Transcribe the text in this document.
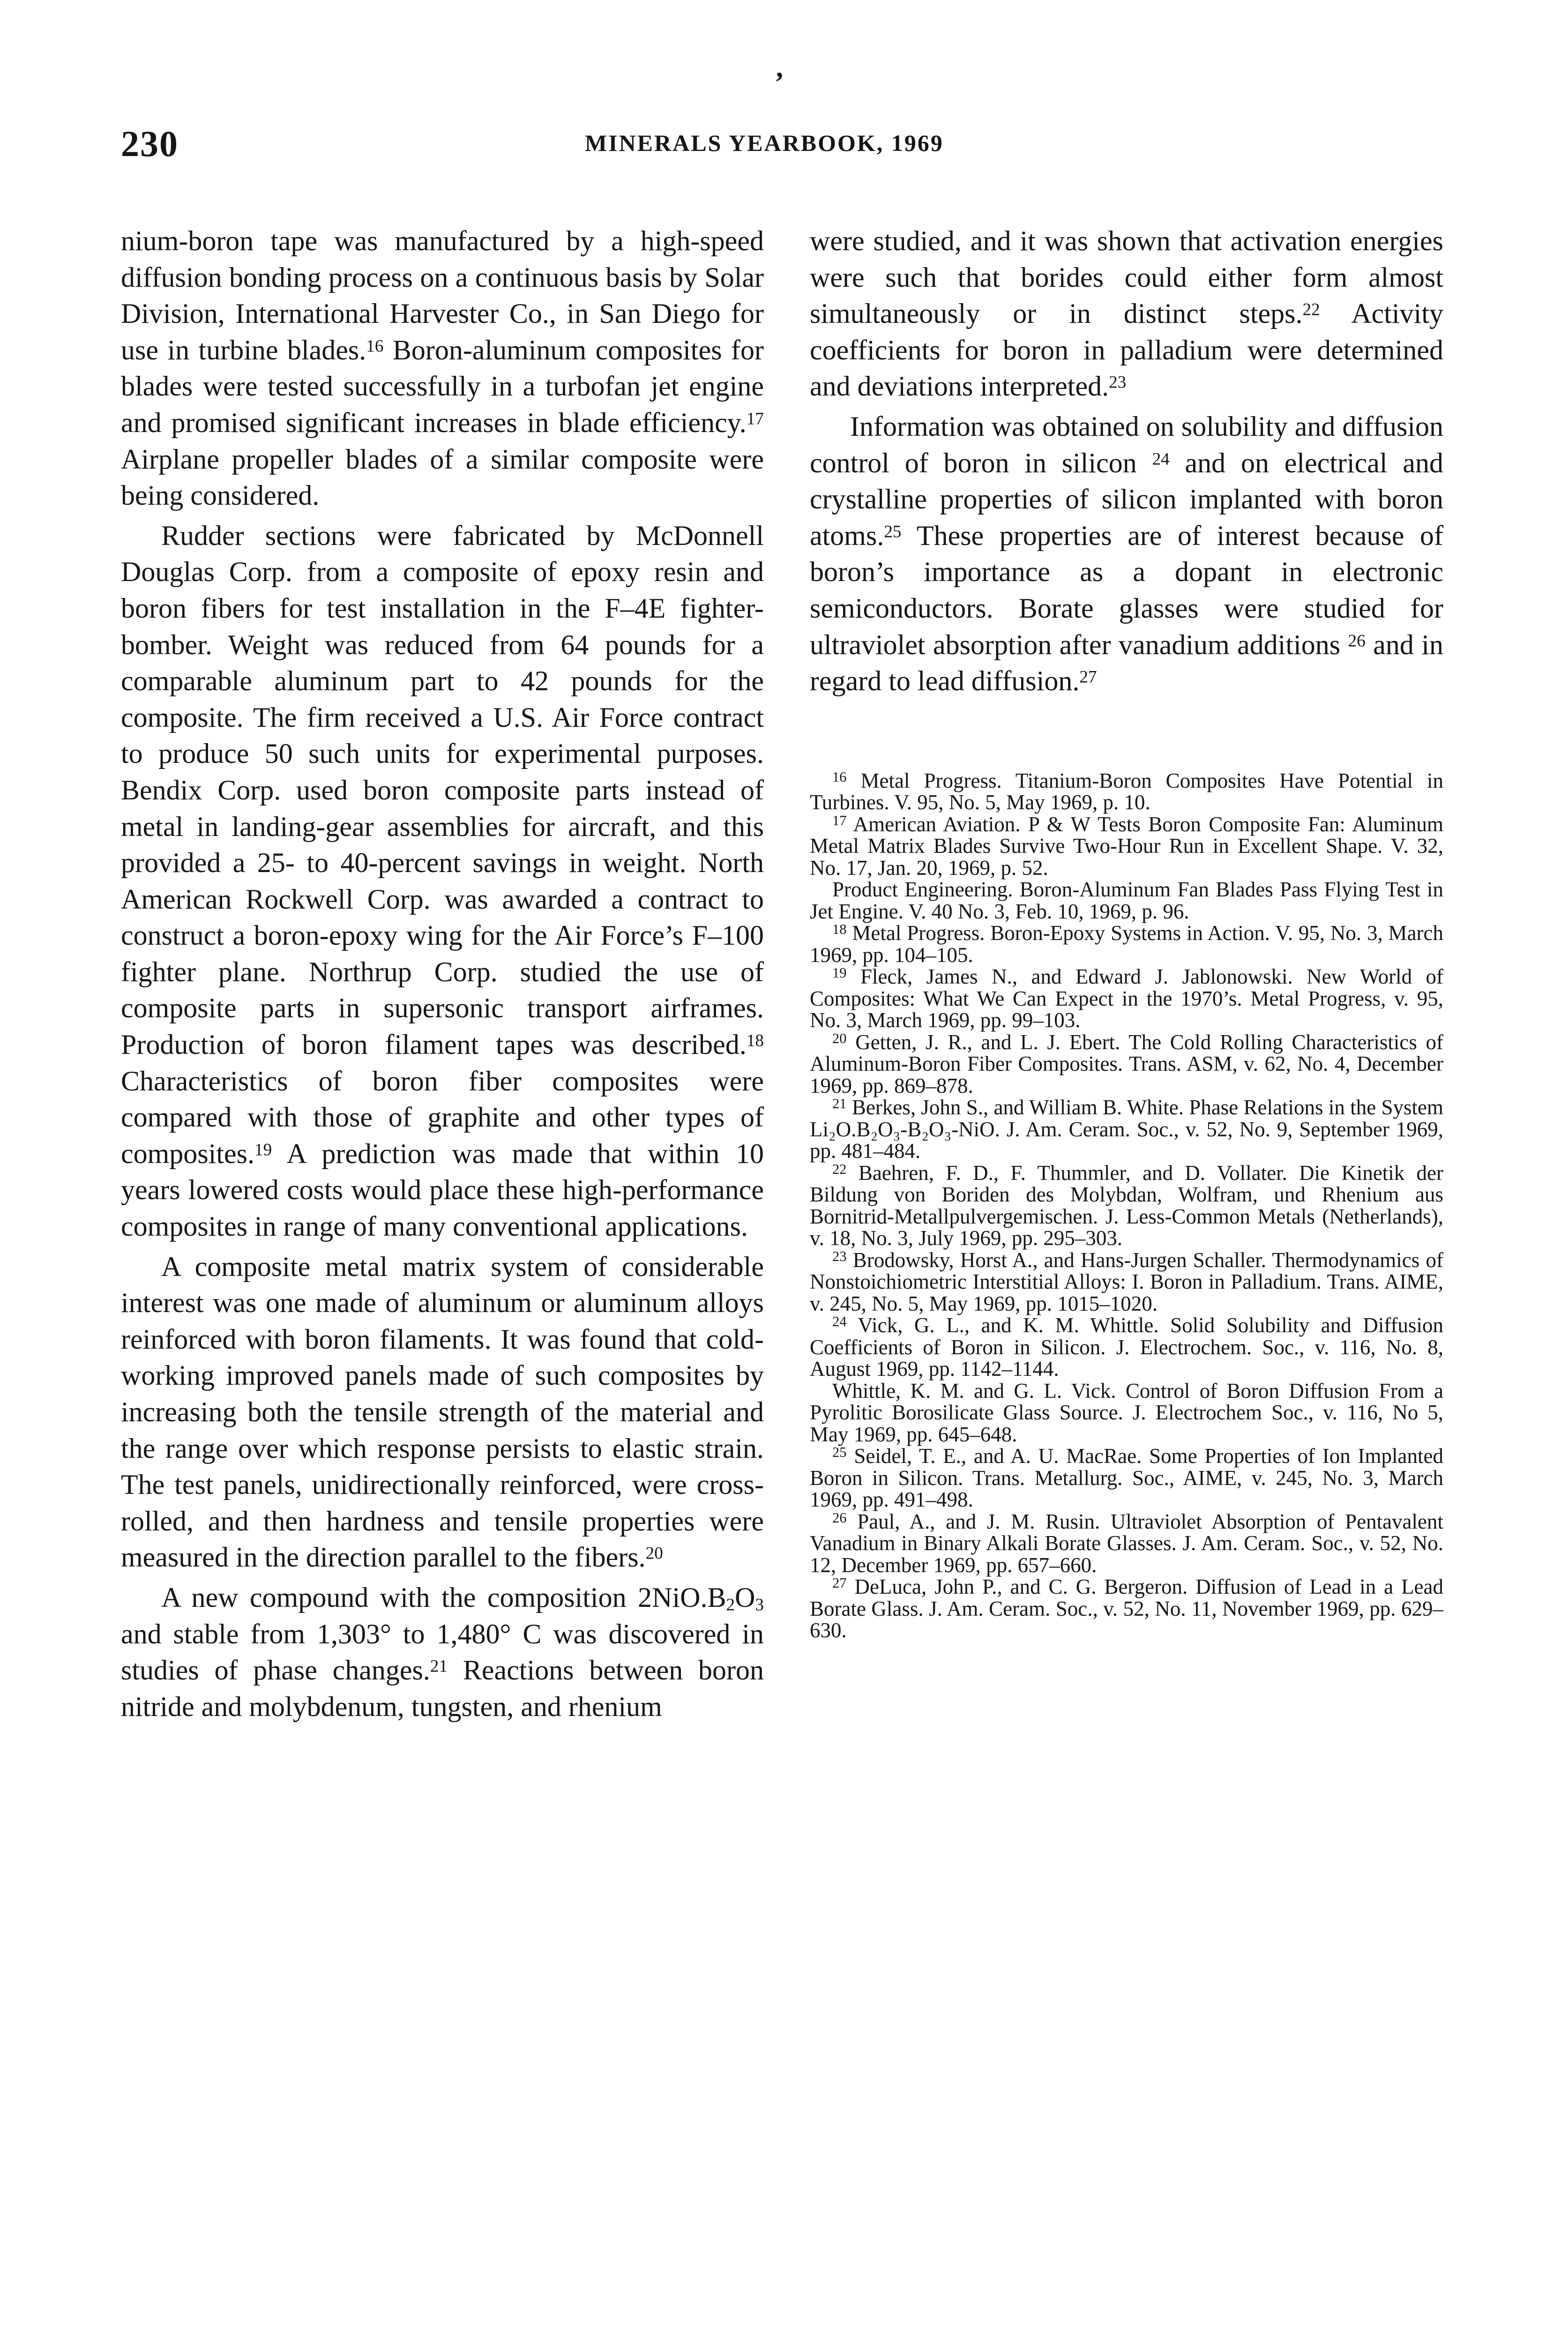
,
230	MINERALS YEARBOOK, 1969

nium-boron tape was manufactured by a high-speed diffusion bonding process on a continuous basis by Solar Division, International Harvester Co., in San Diego for use in turbine blades.$^{16}$ Boron-aluminum composites for blades were tested successfully in a turbofan jet engine and promised significant increases in blade efficiency.$^{17}$ Airplane propeller blades of a similar composite were being considered.

Rudder sections were fabricated by McDonnell Douglas Corp. from a composite of epoxy resin and boron fibers for test installation in the F–4E fighter-bomber. Weight was reduced from 64 pounds for a comparable aluminum part to 42 pounds for the composite. The firm received a U.S. Air Force contract to produce 50 such units for experimental purposes. Bendix Corp. used boron composite parts instead of metal in landing-gear assemblies for aircraft, and this provided a 25- to 40-percent savings in weight. North American Rockwell Corp. was awarded a contract to construct a boron-epoxy wing for the Air Force’s F–100 fighter plane. Northrup Corp. studied the use of composite parts in supersonic transport airframes. Production of boron filament tapes was described.$^{18}$ Characteristics of boron fiber composites were compared with those of graphite and other types of composites.$^{19}$ A prediction was made that within 10 years lowered costs would place these high-performance composites in range of many conventional applications.

A composite metal matrix system of considerable interest was one made of aluminum or aluminum alloys reinforced with boron filaments. It was found that cold-working improved panels made of such composites by increasing both the tensile strength of the material and the range over which response persists to elastic strain. The test panels, unidirectionally reinforced, were cross-rolled, and then hardness and tensile properties were measured in the direction parallel to the fibers.$^{20}$

A new compound with the composition $2NiO.B_2O_3$ and stable from 1,303° to 1,480° C was discovered in studies of phase changes.$^{21}$ Reactions between boron nitride and molybdenum, tungsten, and rhenium

were studied, and it was shown that activation energies were such that borides could either form almost simultaneously or in distinct steps.$^{22}$ Activity coefficients for boron in palladium were determined and deviations interpreted.$^{23}$

Information was obtained on solubility and diffusion control of boron in silicon $^{24}$ and on electrical and crystalline properties of silicon implanted with boron atoms.$^{25}$ These properties are of interest because of boron’s importance as a dopant in electronic semiconductors. Borate glasses were studied for ultraviolet absorption after vanadium additions $^{26}$ and in regard to lead diffusion.$^{27}$

$^{16}$ Metal Progress. Titanium-Boron Composites Have Potential in Turbines. V. 95, No. 5, May 1969, p. 10.

$^{17}$ American Aviation. P & W Tests Boron Composite Fan: Aluminum Metal Matrix Blades Survive Two-Hour Run in Excellent Shape. V. 32, No. 17, Jan. 20, 1969, p. 52.

Product Engineering. Boron-Aluminum Fan Blades Pass Flying Test in Jet Engine. V. 40 No. 3, Feb. 10, 1969, p. 96.

$^{18}$ Metal Progress. Boron-Epoxy Systems in Action. V. 95, No. 3, March 1969, pp. 104–105.

$^{19}$ Fleck, James N., and Edward J. Jablonowski. New World of Composites: What We Can Expect in the 1970’s. Metal Progress, v. 95, No. 3, March 1969, pp. 99–103.

$^{20}$ Getten, J. R., and L. J. Ebert. The Cold Rolling Characteristics of Aluminum-Boron Fiber Composites. Trans. ASM, v. 62, No. 4, December 1969, pp. 869–878.

$^{21}$ Berkes, John S., and William B. White. Phase Relations in the System Li₂O.B₂O₃-B₂O₃-NiO. J. Am. Ceram. Soc., v. 52, No. 9, September 1969, pp. 481–484.

$^{22}$ Baehren, F. D., F. Thummler, and D. Vollater. Die Kinetik der Bildung von Boriden des Molybdan, Wolfram, und Rhenium aus Bornitrid-Metallpulvergemischen. J. Less-Common Metals (Netherlands), v. 18, No. 3, July 1969, pp. 295–303.

$^{23}$ Brodowsky, Horst A., and Hans-Jurgen Schaller. Thermodynamics of Nonstoichiometric Interstitial Alloys: I. Boron in Palladium. Trans. AIME, v. 245, No. 5, May 1969, pp. 1015–1020.

$^{24}$ Vick, G. L., and K. M. Whittle. Solid Solubility and Diffusion Coefficients of Boron in Silicon. J. Electrochem. Soc., v. 116, No. 8, August 1969, pp. 1142–1144.

Whittle, K. M. and G. L. Vick. Control of Boron Diffusion From a Pyrolitic Borosilicate Glass Source. J. Electrochem Soc., v. 116, No 5, May 1969, pp. 645–648.

$^{25}$ Seidel, T. E., and A. U. MacRae. Some Properties of Ion Implanted Boron in Silicon. Trans. Metallurg. Soc., AIME, v. 245, No. 3, March 1969, pp. 491–498.

$^{26}$ Paul, A., and J. M. Rusin. Ultraviolet Absorption of Pentavalent Vanadium in Binary Alkali Borate Glasses. J. Am. Ceram. Soc., v. 52, No. 12, December 1969, pp. 657–660.

$^{27}$ DeLuca, John P., and C. G. Bergeron. Diffusion of Lead in a Lead Borate Glass. J. Am. Ceram. Soc., v. 52, No. 11, November 1969, pp. 629–630.
